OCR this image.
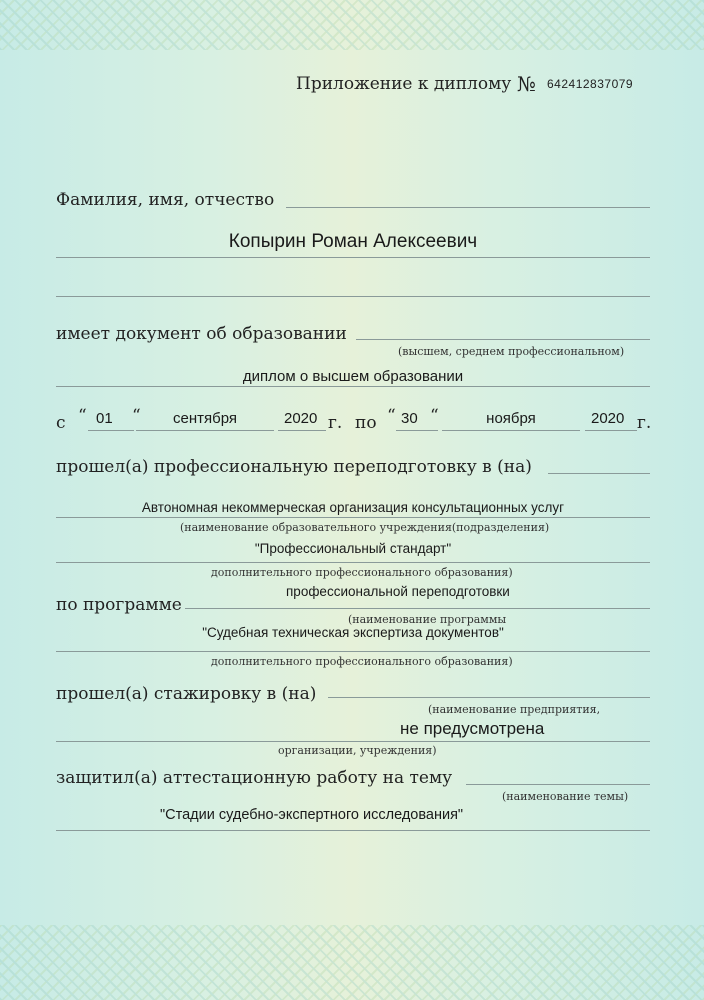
Приложение к диплому № 642412837079
Фамилия, имя, отчество
Копырин Роман Алексеевич
имеет документ об образовании
(высшем, среднем профессиональном)
диплом о высшем образовании
с “ 01 “	сентября	2020 г. по “ 30 “	ноября	2020 г.
прошел(а) профессиональную переподготовку в (на)
Автономная некоммерческая организация консультационных услуг
(наименование образовательного учреждения(подразделения)
"Профессиональный стандарт"
дополнительного профессионального образования)
по программе
профессиональной переподготовки
(наименование программы
"Судебная техническая экспертиза документов"
дополнительного профессионального образования)
прошел(а) стажировку в (на)
(наименование предприятия,
не предусмотрена
организации, учреждения)
защитил(а) аттестационную работу на тему
(наименование темы)
"Стадии судебно-экспертного исследования"
